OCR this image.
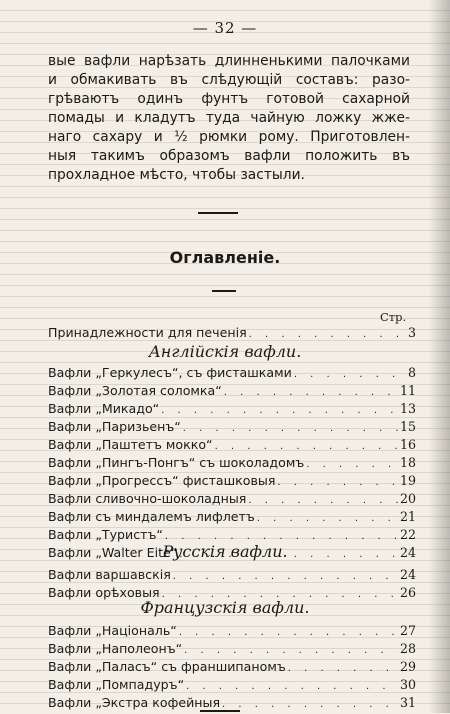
— 32 —
вые вафли нарѣзать длинненькими палочками
и обмакивать въ слѣдующій составъ: разо-
грѣваютъ одинъ фунтъ готовой сахарной
помады и кладутъ туда чайную ложку жже-
наго сахару и ½ рюмки рому. Приготовлен-
ныя такимъ образомъ вафли положить въ
прохладное мѣсто, чтобы застыли.
Оглавленіе.
Стр.
Принадлежности для печенія . . .	3
Англійскія вафли.
Вафли „Геркулесъ“, съ фисташками . . .	8
Вафли „Золотая соломка“ . . .	11
Вафли „Микадо“ . . .	13
Вафли „Паризьенъ“ . . .	15
Вафли „Паштетъ мокко“ . . .	16
Вафли „Пингъ-Понгъ“ съ шоколадомъ . . .	18
Вафли „Прогрессъ“ фисташковыя . . .	19
Вафли сливочно-шоколадныя . . .	20
Вафли съ миндалемъ лифлетъ . . .	21
Вафли „Туристъ“ . . .	22
Вафли „Walter Eite“ . . .	24
Русскія вафли.
Вафли варшавскія . . .	24
Вафли орѣховыя . . .	26
Французскія вафли.
Вафли „Національ“ . . .	27
Вафли „Наполеонъ“ . . .	28
Вафли „Паласъ“ съ франшипаномъ . . .	29
Вафли „Помпадуръ“ . . .	30
Вафли „Экстра кофейныя . . .	31
